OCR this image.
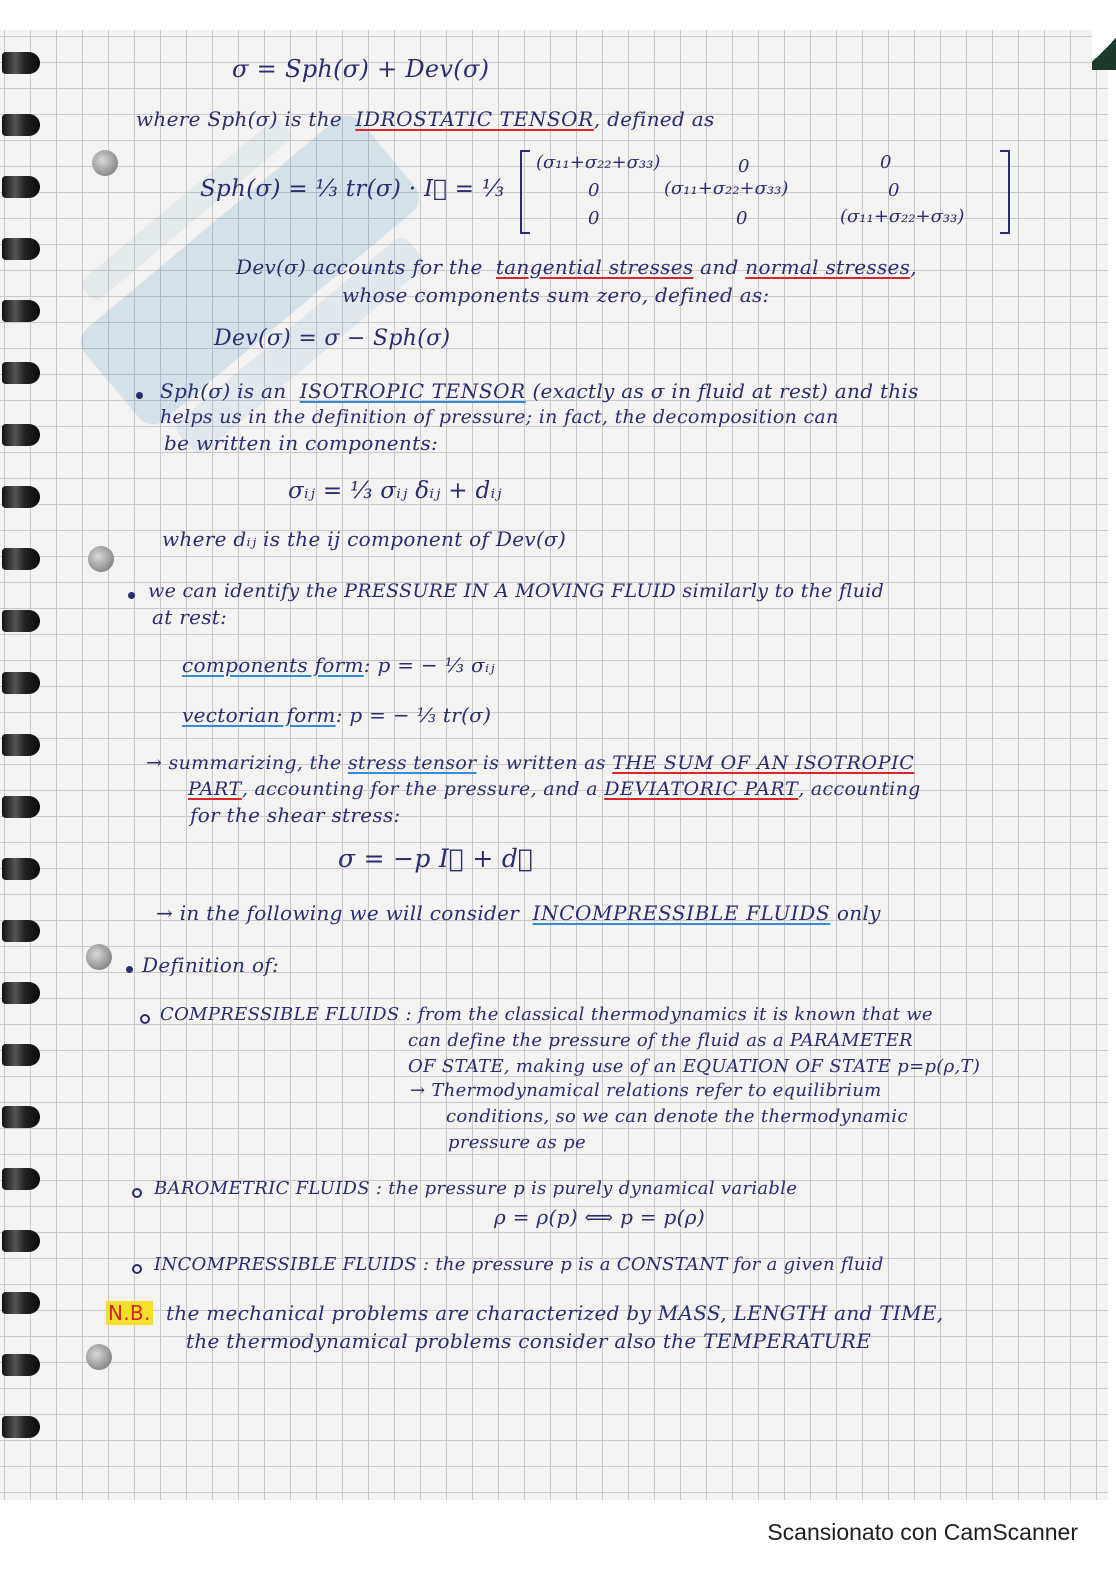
σ = Sph(σ) + Dev(σ)
where Sph(σ) is the IDROSTATIC TENSOR, defined as
Sph(σ) = ⅓ tr(σ) · I⃗ = ⅓
(σ₁₁+σ₂₂+σ₃₃)	0	0
0	(σ₁₁+σ₂₂+σ₃₃)	0
0	0	(σ₁₁+σ₂₂+σ₃₃)
Dev(σ) accounts for the tangential stresses and normal stresses,
whose components sum zero, defined as:
Dev(σ) = σ − Sph(σ)
Sph(σ) is an ISOTROPIC TENSOR (exactly as σ in fluid at rest) and this
helps us in the definition of pressure; in fact, the decomposition can
be written in components:
σᵢⱼ = ⅓ σᵢⱼ δᵢⱼ + dᵢⱼ
where dᵢⱼ is the ij component of Dev(σ)
we can identify the PRESSURE IN A MOVING FLUID similarly to the fluid
at rest:
components form: p = − ⅓ σᵢⱼ
vectorian form: p = − ⅓ tr(σ)
→ summarizing, the stress tensor is written as THE SUM OF AN ISOTROPIC
PART, accounting for the pressure, and a DEVIATORIC PART, accounting
for the shear stress:
σ = −p I⃗ + d⃗
→ in the following we will consider INCOMPRESSIBLE FLUIDS only
Definition of:
COMPRESSIBLE FLUIDS : from the classical thermodynamics it is known that we
can define the pressure of the fluid as a PARAMETER
OF STATE, making use of an EQUATION OF STATE p=p(ρ,T)
→ Thermodynamical relations refer to equilibrium
conditions, so we can denote the thermodynamic
pressure as pe
BAROMETRIC FLUIDS : the pressure p is purely dynamical variable
ρ = ρ(p) ⟺ p = p(ρ)
INCOMPRESSIBLE FLUIDS : the pressure p is a CONSTANT for a given fluid
N.B. the mechanical problems are characterized by MASS, LENGTH and TIME,
the thermodynamical problems consider also the TEMPERATURE
Scansionato con CamScanner
